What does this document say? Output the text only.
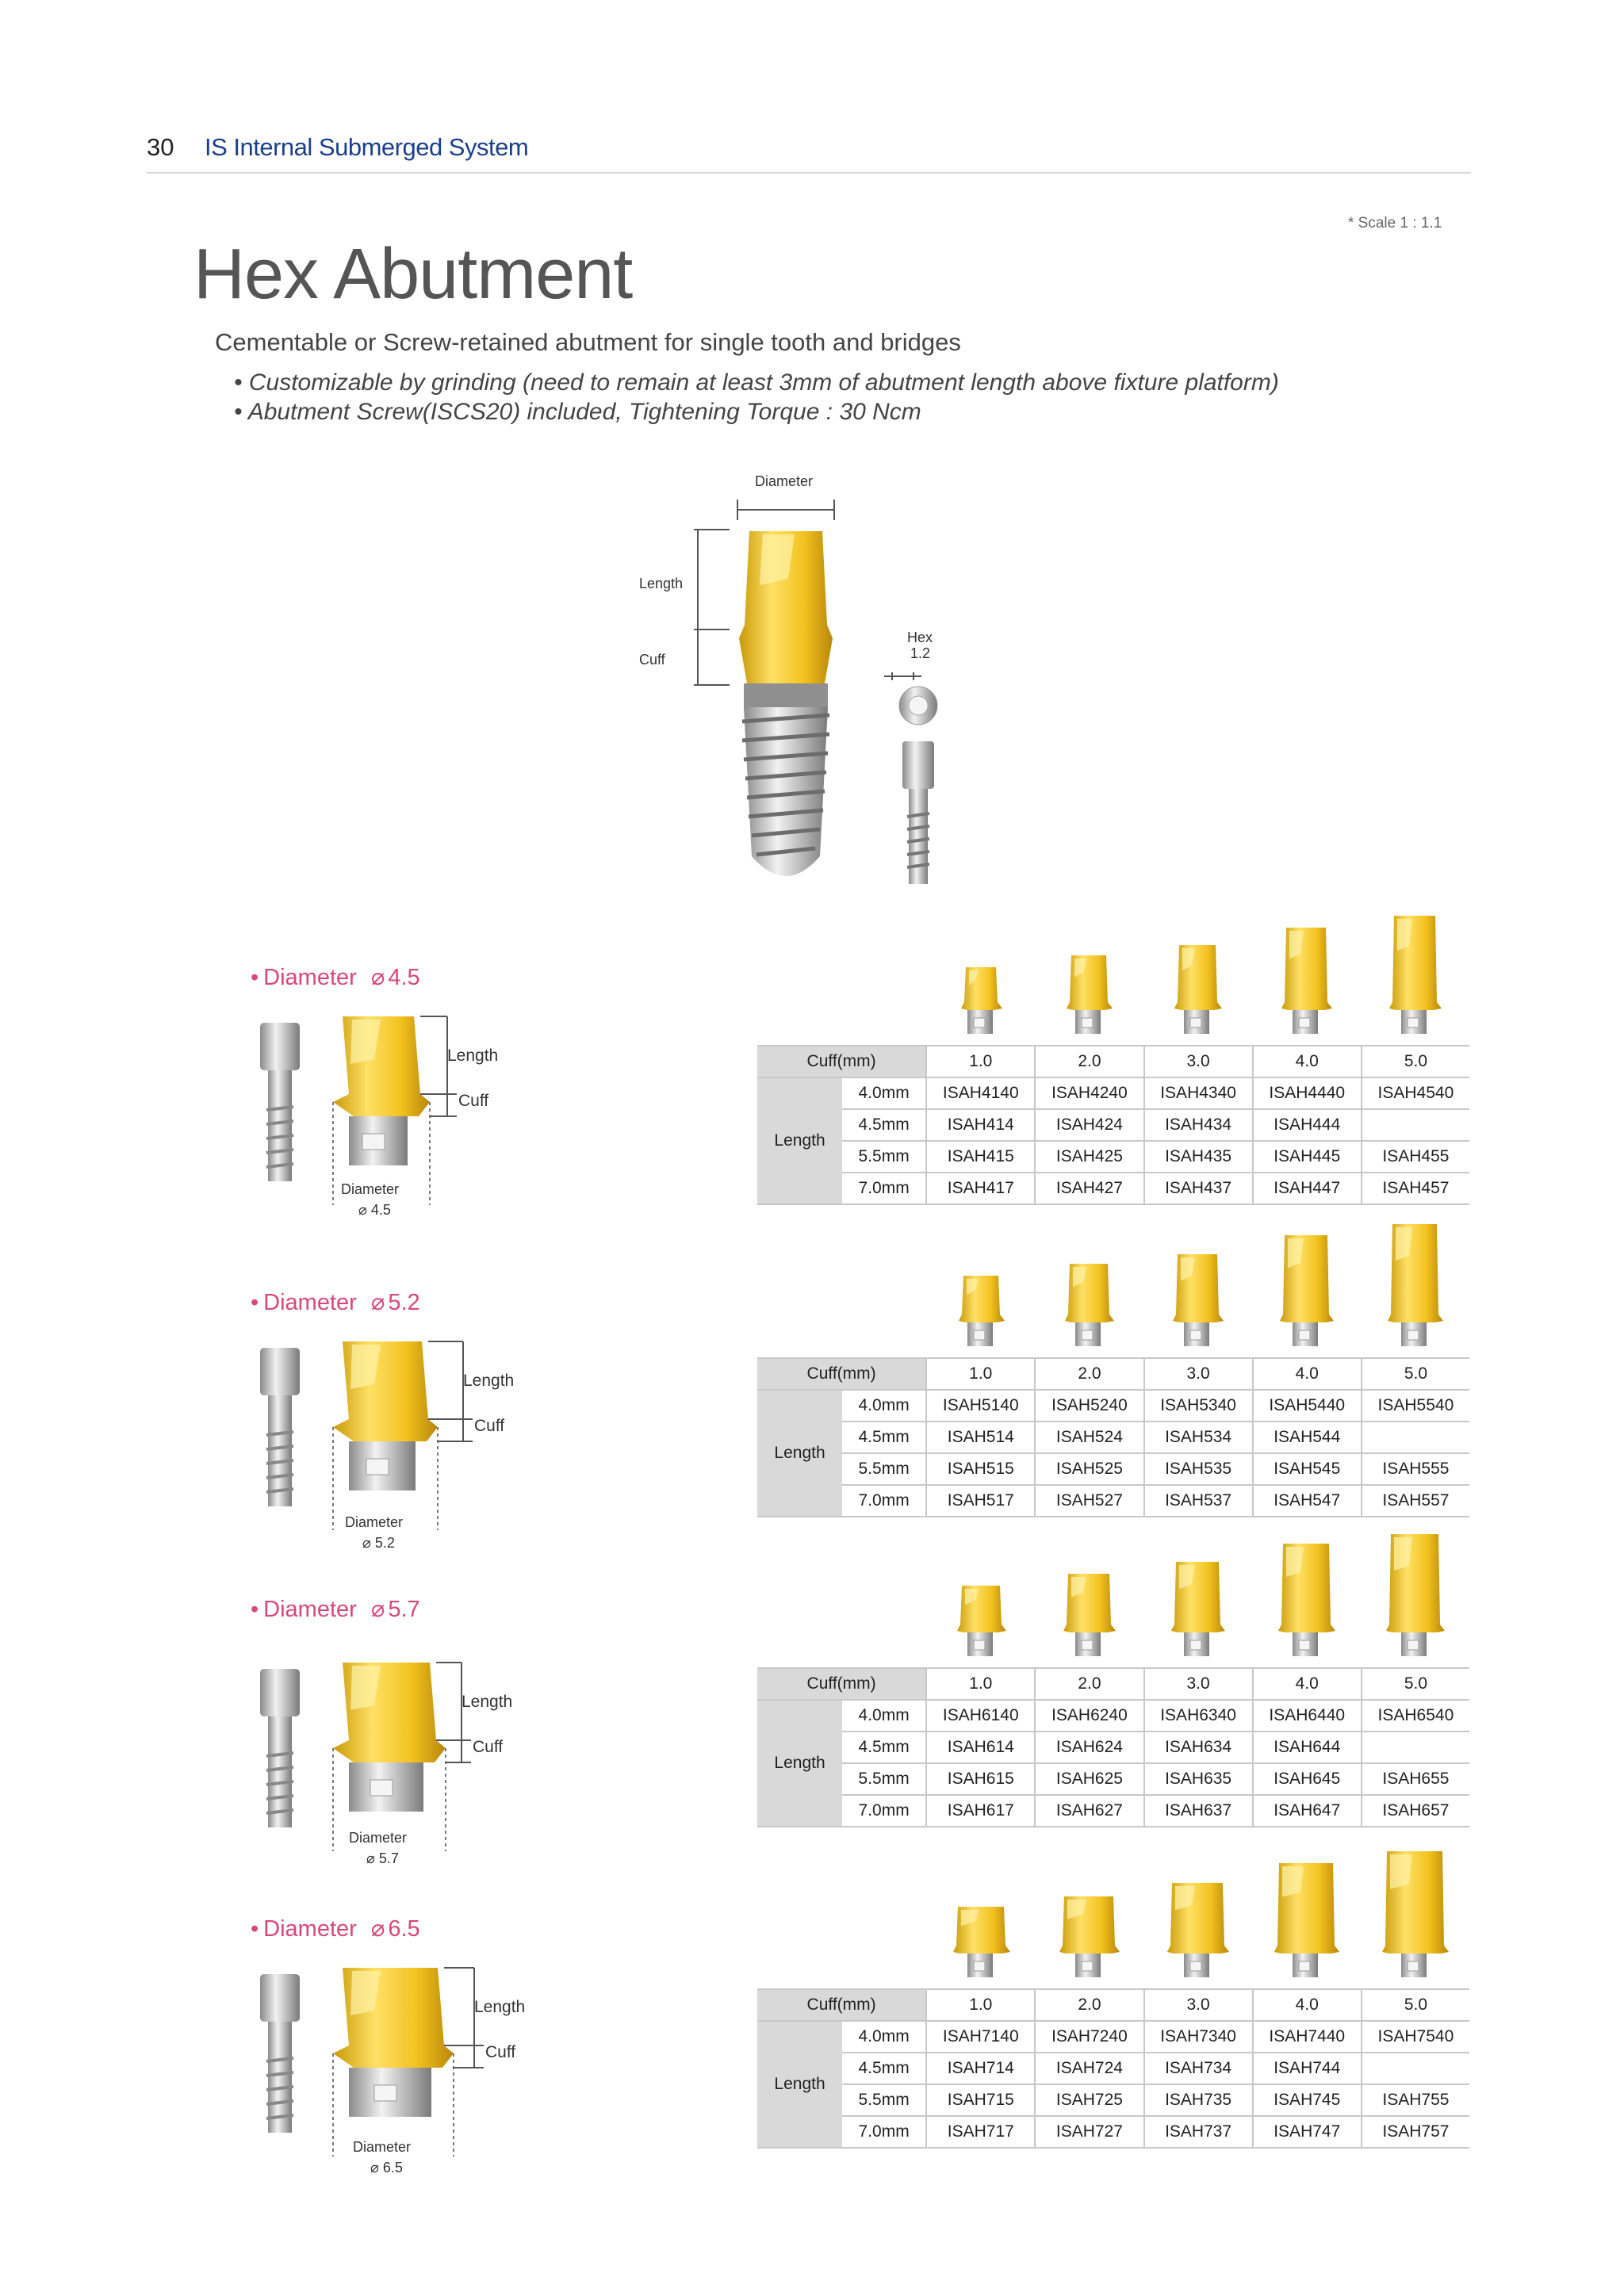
30 IS Internal Submerged System
* Scale 1 : 1.1
Hex Abutment
Cementable or Screw-retained abutment for single tooth and bridges
• Customizable by grinding (need to remain at least 3mm of abutment length above fixture platform)
• Abutment Screw(ISCS20) included, Tightening Torque : 30 Ncm
Diameter
Length
Cuff
Hex
1.2
• Diameter ⌀ 4.5
Length
Cuff
Diameter
⌀ 4.5
Cuff(mm)		1.0	2.0	3.0	4.0	5.0
Length	4.0mm	ISAH4140	ISAH4240	ISAH4340	ISAH4440	ISAH4540
	4.5mm	ISAH414	ISAH424	ISAH434	ISAH444	
	5.5mm	ISAH415	ISAH425	ISAH435	ISAH445	ISAH455
	7.0mm	ISAH417	ISAH427	ISAH437	ISAH447	ISAH457
• Diameter ⌀ 5.2
Length
Cuff
Diameter
⌀ 5.2
Cuff(mm)		1.0	2.0	3.0	4.0	5.0
Length	4.0mm	ISAH5140	ISAH5240	ISAH5340	ISAH5440	ISAH5540
	4.5mm	ISAH514	ISAH524	ISAH534	ISAH544	
	5.5mm	ISAH515	ISAH525	ISAH535	ISAH545	ISAH555
	7.0mm	ISAH517	ISAH527	ISAH537	ISAH547	ISAH557
• Diameter ⌀ 5.7
Length
Cuff
Diameter
⌀ 5.7
Cuff(mm)		1.0	2.0	3.0	4.0	5.0
Length	4.0mm	ISAH6140	ISAH6240	ISAH6340	ISAH6440	ISAH6540
	4.5mm	ISAH614	ISAH624	ISAH634	ISAH644	
	5.5mm	ISAH615	ISAH625	ISAH635	ISAH645	ISAH655
	7.0mm	ISAH617	ISAH627	ISAH637	ISAH647	ISAH657
• Diameter ⌀ 6.5
Length
Cuff
Diameter
⌀ 6.5
Cuff(mm)		1.0	2.0	3.0	4.0	5.0
Length	4.0mm	ISAH7140	ISAH7240	ISAH7340	ISAH7440	ISAH7540
	4.5mm	ISAH714	ISAH724	ISAH734	ISAH744	
	5.5mm	ISAH715	ISAH725	ISAH735	ISAH745	ISAH755
	7.0mm	ISAH717	ISAH727	ISAH737	ISAH747	ISAH757
